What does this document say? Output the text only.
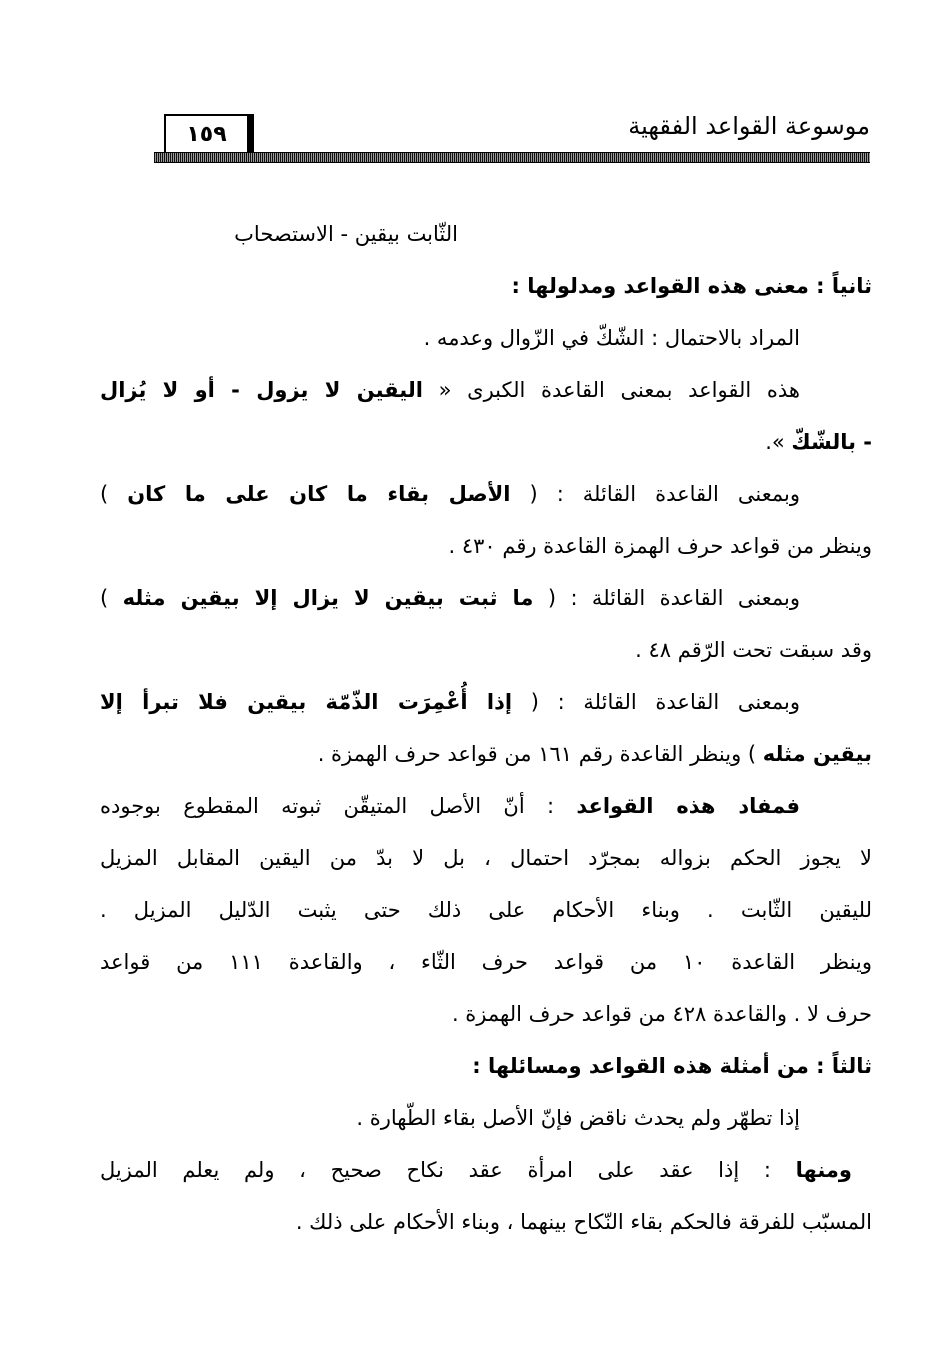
موسوعة القواعد الفقهية
١٥٩
الثّابت بيقين - الاستصحاب
ثانياً : معنى هذه القواعد ومدلولها :
المراد بالاحتمال : الشّكّ في الزّوال وعدمه .
هذه القواعد بمعنى القاعدة الكبرى « اليقين لا يزول - أو لا يُزال
- بالشّكّ ».
وبمعنى القاعدة القائلة : ( الأصل بقاء ما كان على ما كان )
وينظر من قواعد حرف الهمزة القاعدة رقم ٤٣٠ .
وبمعنى القاعدة القائلة : ( ما ثبت بيقين لا يزال إلا بيقين مثله )
وقد سبقت تحت الرّقم ٤٨ .
وبمعنى القاعدة القائلة : ( إذا أُعْمِرَت الذّمّة بيقين فلا تبرأ إلا
بيقين مثله ) وينظر القاعدة رقم ١٦١ من قواعد حرف الهمزة .
فمفاد هذه القواعد : أنّ الأصل المتيقّن ثبوته المقطوع بوجوده
لا يجوز الحكم بزواله بمجرّد احتمال ، بل لا بدّ من اليقين المقابل المزيل
لليقين الثّابت . وبناء الأحكام على ذلك حتى يثبت الدّليل المزيل .
وينظر القاعدة ١٠ من قواعد حرف الثّاء ، والقاعدة ١١١ من قواعد
حرف لا . والقاعدة ٤٢٨ من قواعد حرف الهمزة .
ثالثاً : من أمثلة هذه القواعد ومسائلها :
إذا تطهّر ولم يحدث ناقض فإنّ الأصل بقاء الطّهارة .
ومنها : إذا عقد على امرأة عقد نكاح صحيح ، ولم يعلم المزيل
المسبّب للفرقة فالحكم بقاء النّكاح بينهما ، وبناء الأحكام على ذلك .
